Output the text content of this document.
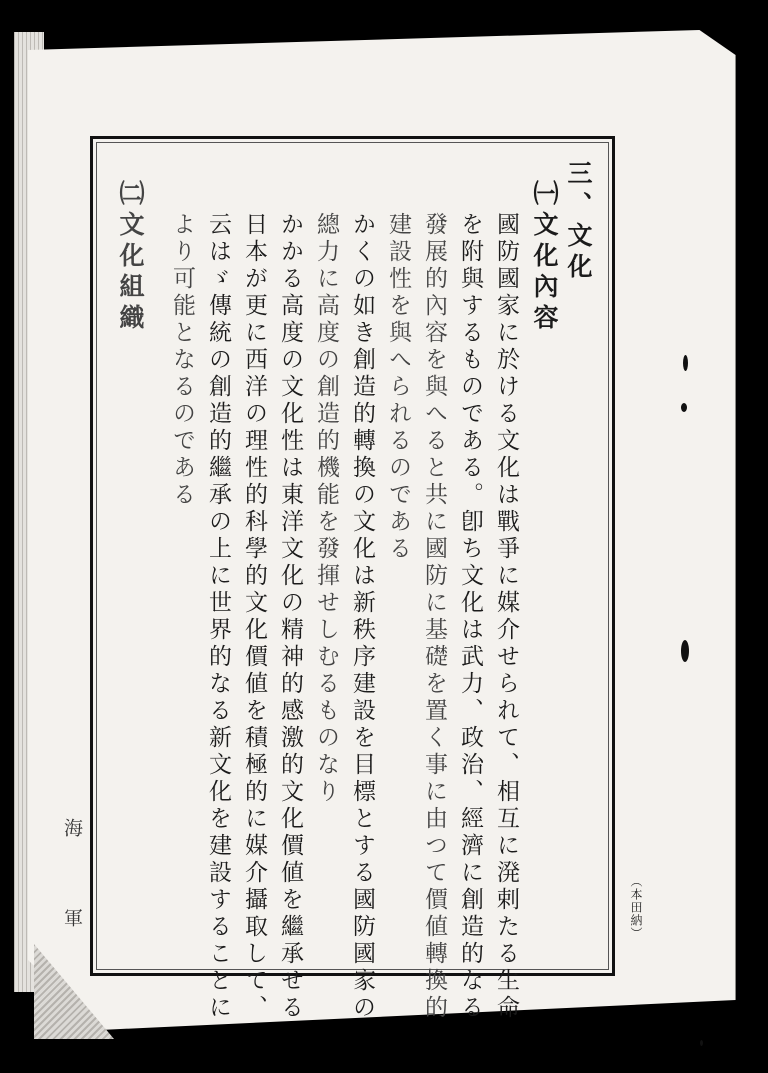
三、文化
㈠文化內容
國防國家に於ける文化は戰爭に媒介せられて、相互に溌剌たる生命
を附與するものである。卽ち文化は武力、政治、經濟に創造的なる
發展的內容を與へると共に國防に基礎を置く事に由つて價値轉換的
建設性を與へられるのである
かくの如き創造的轉換の文化は新秩序建設を目標とする國防國家の
總力に高度の創造的機能を發揮せしむるものなり
かかる高度の文化性は東洋文化の精神的感激的文化價値を繼承せる
日本が更に西洋の理性的科學的文化價値を積極的に媒介攝取して、
云はゞ傳統の創造的繼承の上に世界的なる新文化を建設することに
より可能となるのである
㈡文化組織
海
軍	（本田納）
